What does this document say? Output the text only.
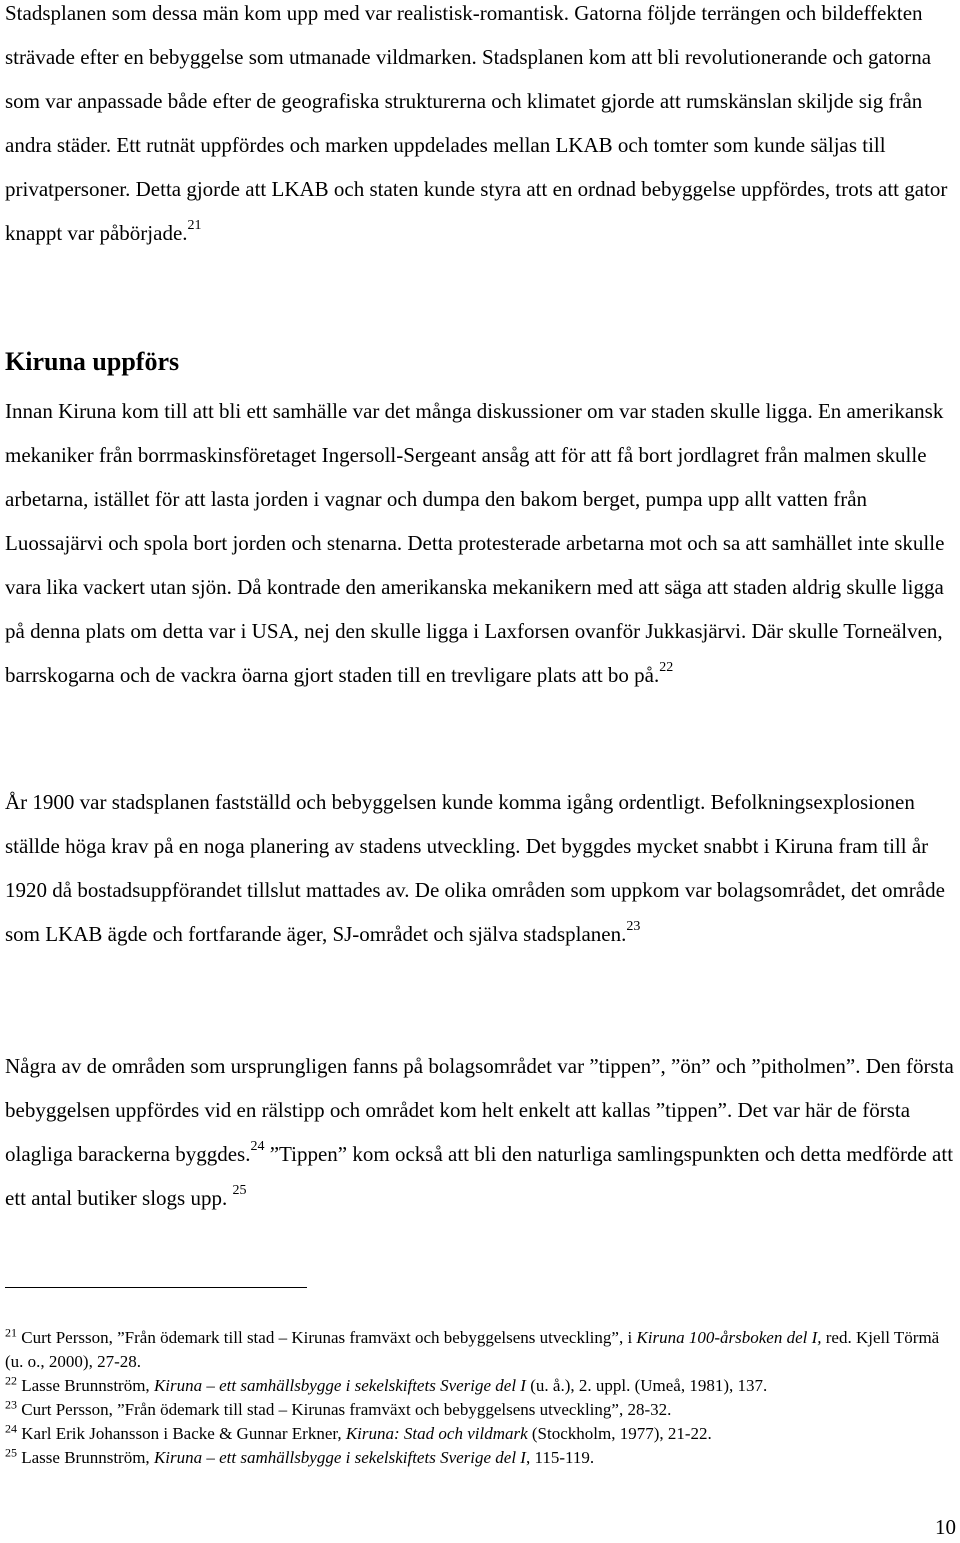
Stadsplanen som dessa män kom upp med var realistisk-romantisk. Gatorna följde terrängen och bildeffekten strävade efter en bebyggelse som utmanade vildmarken. Stadsplanen kom att bli revolutionerande och gatorna som var anpassade både efter de geografiska strukturerna och klimatet gjorde att rumskänslan skiljde sig från andra städer. Ett rutnät uppfördes och marken uppdelades mellan LKAB och tomter som kunde säljas till privatpersoner. Detta gjorde att LKAB och staten kunde styra att en ordnad bebyggelse uppfördes, trots att gator knappt var påbörjade.$^{21}$

Kiruna uppförs

Innan Kiruna kom till att bli ett samhälle var det många diskussioner om var staden skulle ligga. En amerikansk mekaniker från borrmaskinsföretaget Ingersoll-Sergeant ansåg att för att få bort jordlagret från malmen skulle arbetarna, istället för att lasta jorden i vagnar och dumpa den bakom berget, pumpa upp allt vatten från Luossajärvi och spola bort jorden och stenarna. Detta protesterade arbetarna mot och sa att samhället inte skulle vara lika vackert utan sjön. Då kontrade den amerikanska mekanikern med att säga att staden aldrig skulle ligga på denna plats om detta var i USA, nej den skulle ligga i Laxforsen ovanför Jukkasjärvi. Där skulle Torneälven, barrskogarna och de vackra öarna gjort staden till en trevligare plats att bo på.$^{22}$

År 1900 var stadsplanen fastställd och bebyggelsen kunde komma igång ordentligt. Befolkningsexplosionen ställde höga krav på en noga planering av stadens utveckling. Det byggdes mycket snabbt i Kiruna fram till år 1920 då bostadsuppförandet tillslut mattades av. De olika områden som uppkom var bolagsområdet, det område som LKAB ägde och fortfarande äger, SJ-området och själva stadsplanen.$^{23}$

Några av de områden som ursprungligen fanns på bolagsområdet var ”tippen”, ”ön” och ”pitholmen”. Den första bebyggelsen uppfördes vid en rälstipp och området kom helt enkelt att kallas ”tippen”. Det var här de första olagliga barackerna byggdes.$^{24}$ ”Tippen” kom också att bli den naturliga samlingspunkten och detta medförde att ett antal butiker slogs upp. $^{25}$

$^{21}$ Curt Persson, ”Från ödemark till stad – Kirunas framväxt och bebyggelsens utveckling”, i Kiruna 100-årsboken del I, red. Kjell Törmä (u. o., 2000), 27-28.

$^{22}$ Lasse Brunnström, Kiruna – ett samhällsbygge i sekelskiftets Sverige del I (u. å.), 2. uppl. (Umeå, 1981), 137.

$^{23}$ Curt Persson, ”Från ödemark till stad – Kirunas framväxt och bebyggelsens utveckling”, 28-32.

$^{24}$ Karl Erik Johansson i Backe & Gunnar Erkner, Kiruna: Stad och vildmark (Stockholm, 1977), 21-22.

$^{25}$ Lasse Brunnström, Kiruna – ett samhällsbygge i sekelskiftets Sverige del I, 115-119.

10
